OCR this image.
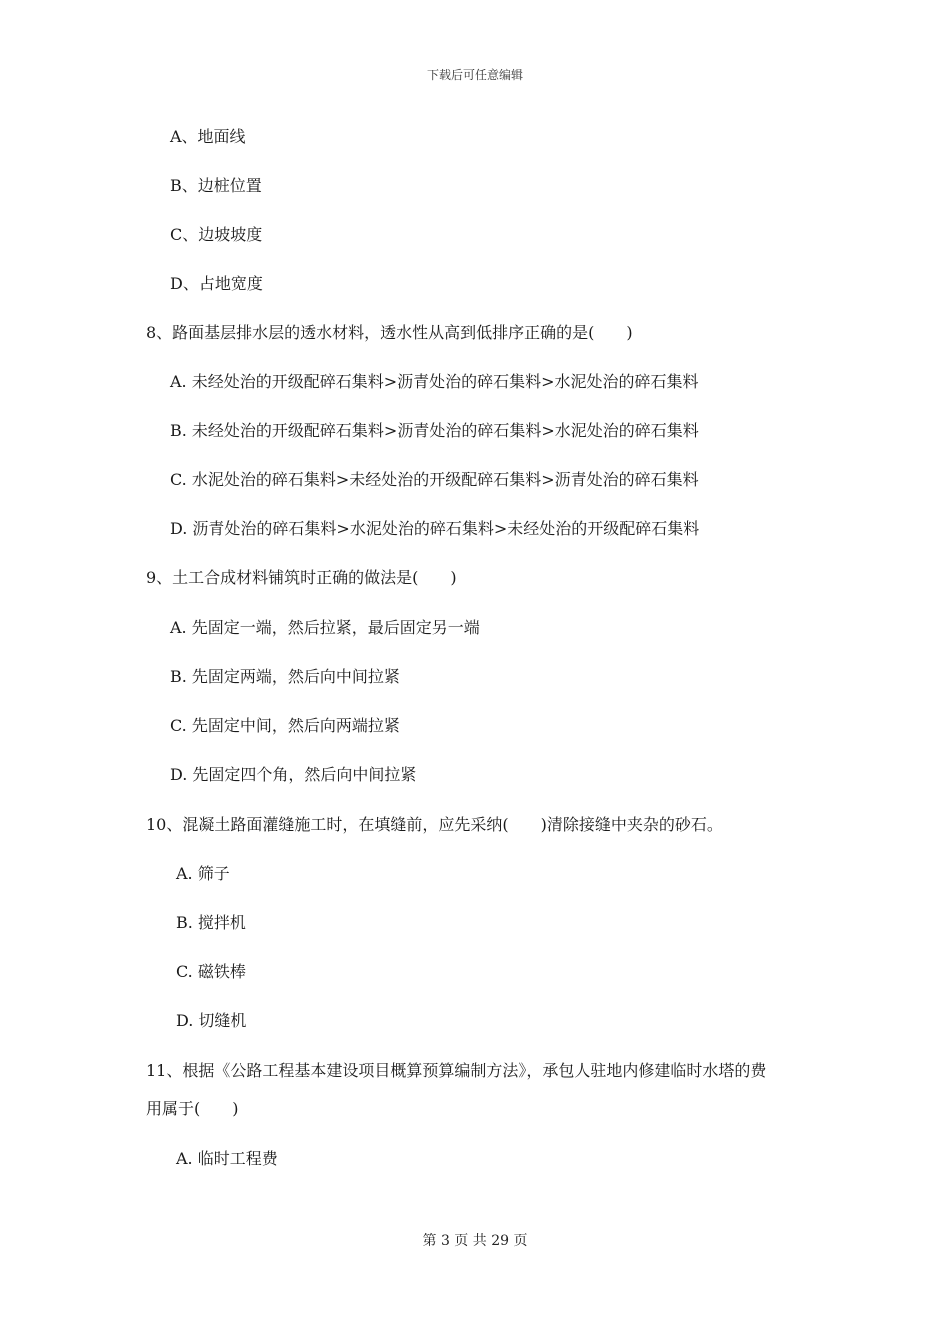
下载后可任意编辑
A、地面线
B、边桩位置
C、边坡坡度
D、占地宽度
8、路面基层排水层的透水材料，透水性从高到低排序正确的是(　　)
A. 未经处治的开级配碎石集料>沥青处治的碎石集料>水泥处治的碎石集料
B. 未经处治的开级配碎石集料>沥青处治的碎石集料>水泥处治的碎石集料
C. 水泥处治的碎石集料>未经处治的开级配碎石集料>沥青处治的碎石集料
D. 沥青处治的碎石集料>水泥处治的碎石集料>未经处治的开级配碎石集料
9、土工合成材料铺筑时正确的做法是(　　)
A. 先固定一端，然后拉紧，最后固定另一端
B. 先固定两端，然后向中间拉紧
C. 先固定中间，然后向两端拉紧
D. 先固定四个角，然后向中间拉紧
10、混凝土路面灌缝施工时，在填缝前，应先采纳(　　)清除接缝中夹杂的砂石。
A. 筛子
B. 搅拌机
C. 磁铁棒
D. 切缝机
11、根据《公路工程基本建设项目概算预算编制方法》，承包人驻地内修建临时水塔的费
用属于(　　)
A. 临时工程费
第 3 页 共 29 页
